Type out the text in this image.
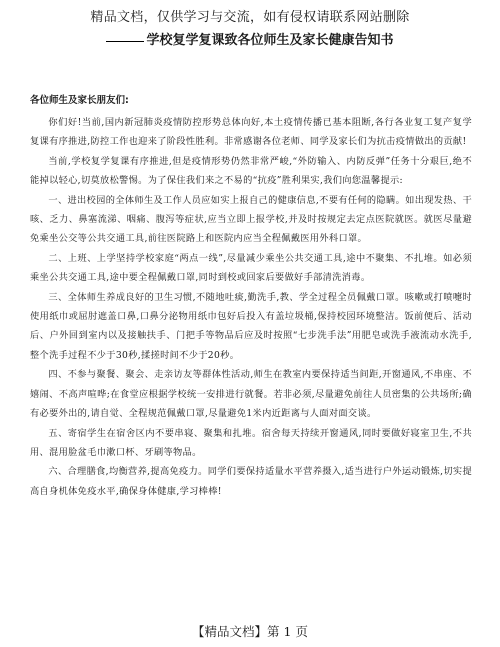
精品文档，仅供学习与交流，如有侵权请联系网站删除
学校复学复课致各位师生及家长健康告知书
各位师生及家长朋友们:

你们好!当前,国内新冠肺炎疫情防控形势总体向好,本土疫情传播已基本阻断,各行各业复工复产复学复课有序推进,防控工作也迎来了阶段性胜利。非常感谢各位老师、同学及家长们为抗击疫情做出的贡献!

当前,学校复学复课有序推进,但是疫情形势仍然非常严峻,“外防输入、内防反弹”任务十分艰巨,绝不能掉以轻心,切莫放松警惕。为了保住我们来之不易的“抗疫”胜利果实,我们向您温馨提示:

一、进出校园的全体师生及工作人员应如实上报自己的健康信息,不要有任何的隐瞒。如出现发热、干咳、乏力、鼻塞流涕、咽痛、腹泻等症状,应当立即上报学校,并及时按规定去定点医院就医。就医尽量避免乘坐公交等公共交通工具,前往医院路上和医院内应当全程佩戴医用外科口罩。

二、上班、上学坚持学校家庭“两点一线”,尽量减少乘坐公共交通工具,途中不聚集、不扎堆。如必须乘坐公共交通工具,途中要全程佩戴口罩,同时到校或回家后要做好手部清洗消毒。

三、全体师生养成良好的卫生习惯,不随地吐痰,勤洗手,教、学全过程全员佩戴口罩。咳嗽或打喷嚏时使用纸巾或屈肘遮盖口鼻,口鼻分泌物用纸巾包好后投入有盖垃圾桶,保持校园环境整洁。饭前便后、活动后、户外回到室内以及接触扶手、门把手等物品后应及时按照“七步洗手法”用肥皂或洗手液流动水洗手,整个洗手过程不少于30秒,揉搓时间不少于20秒。

四、不参与聚餐、聚会、走亲访友等群体性活动,师生在教室内要保持适当间距,开窗通风,不串座、不嬉闹、不高声喧哗;在食堂应根据学校统一安排进行就餐。若非必须,尽量避免前往人员密集的公共场所;确有必要外出的,请自觉、全程规范佩戴口罩,尽量避免1米内近距离与人面对面交谈。

五、寄宿学生在宿舍区内不要串寝、聚集和扎堆。宿舍每天持续开窗通风,同时要做好寝室卫生,不共用、混用脸盆毛巾漱口杯、牙刷等物品。

六、合理膳食,均衡营养,提高免疫力。同学们要保持适量水平营养摄入,适当进行户外运动锻炼,切实提高自身机体免疫水平,确保身体健康,学习棒棒!

【精品文档】第 1 页
